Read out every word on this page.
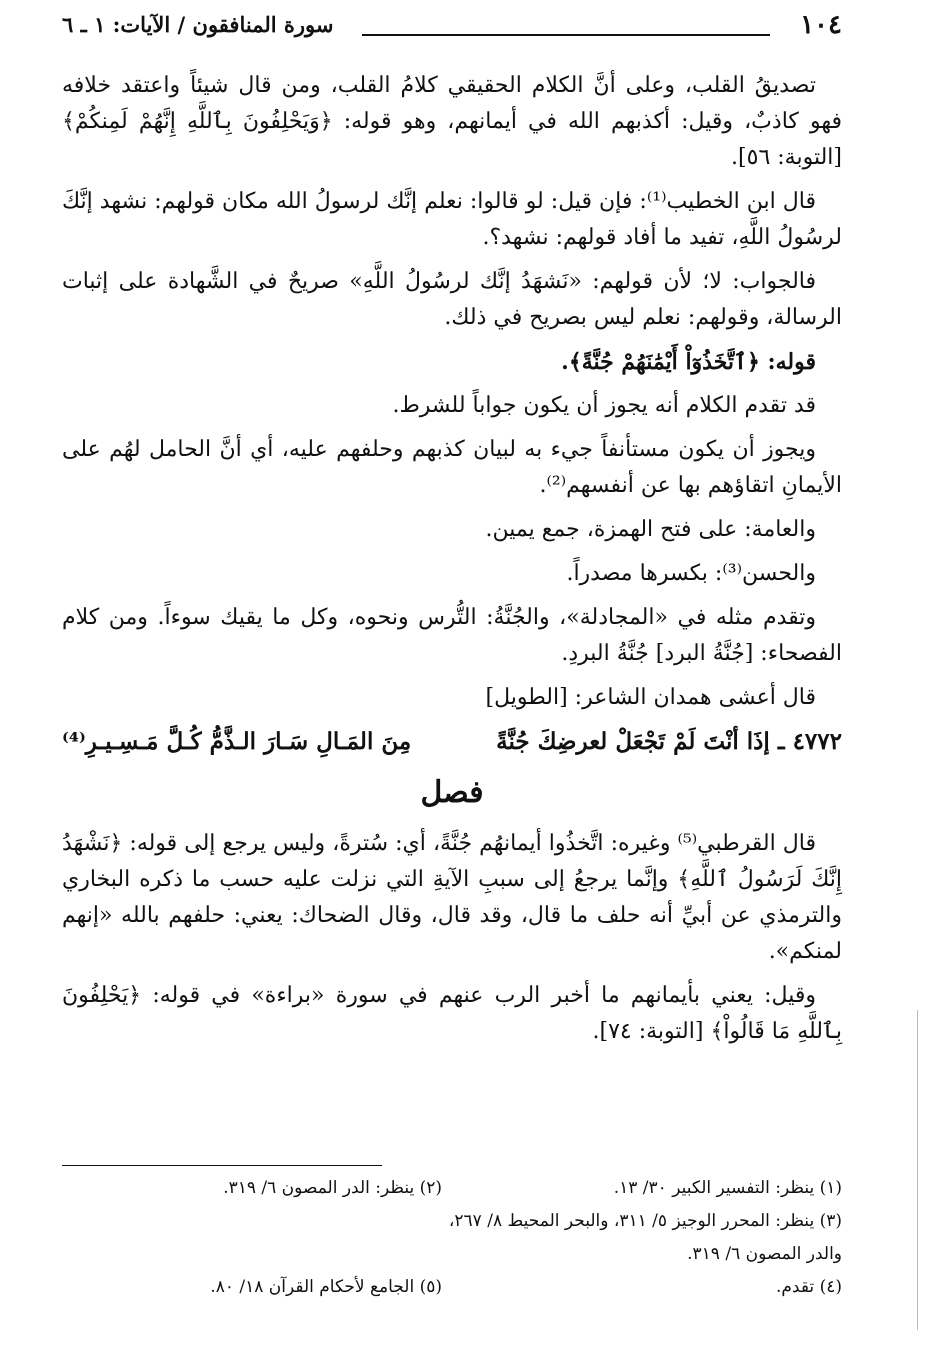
١٠٤
سورة المنافقون / الآيات: ١ ـ ٦

تصديقُ القلب، وعلى أنَّ الكلام الحقيقي كلامُ القلب، ومن قال شيئاً واعتقد خلافه فهو كاذبٌ، وقيل: أكذبهم الله في أيمانهم، وهو قوله: ﴿وَيَحْلِفُونَ بِٱللَّهِ إِنَّهُمْ لَمِنكُمْ﴾ [التوبة: ٥٦].

قال ابن الخطيب⁽¹⁾: فإن قيل: لو قالوا: نعلم إنَّك لرسولُ الله مكان قولهم: نشهد إنَّكَ لرسُولُ اللَّهِ، تفيد ما أفاد قولهم: نشهد؟.

فالجواب: لا؛ لأن قولهم: «نَشهَدُ إنَّك لرسُولُ اللَّهِ» صريحٌ في الشَّهادة على إثبات الرسالة، وقولهم: نعلم ليس بصريح في ذلك.

قوله: ﴿ٱتَّخَذُوٓاْ أَيْمَٰنَهُمْ جُنَّةً﴾.

قد تقدم الكلام أنه يجوز أن يكون جواباً للشرط.

ويجوز أن يكون مستأنفاً جيء به لبيان كذبهم وحلفهم عليه، أي أنَّ الحامل لهُم على الأيمانِ اتقاؤهم بها عن أنفسهم⁽²⁾.

والعامة: على فتح الهمزة، جمع يمين.

والحسن⁽³⁾: بكسرها مصدراً.

وتقدم مثله في «المجادلة»، والجُنَّةُ: التُّرس ونحوه، وكل ما يقيك سوءاً. ومن كلام الفصحاء: [جُنَّةُ البرد] جُنَّةُ البردِ.

قال أعشى همدان الشاعر: [الطويل]

٤٧٧٢ ـ إذَا أنْتَ لَمْ تَجْعَلْ لعرضِكَ جُنَّةً
مِنَ المَـالِ سَـارَ الـذَّمُّ كُـلَّ مَـسِـيـرِ⁽⁴⁾
فصل

قال القرطبي⁽⁵⁾ وغيره: اتَّخذُوا أيمانهُم جُنَّةً، أي: سُترةً، وليس يرجع إلى قوله: ﴿نَشْهَدُ إِنَّكَ لَرَسُولُ ٱللَّهِ﴾ وإنَّما يرجعُ إلى سببِ الآيةِ التي نزلت عليه حسب ما ذكره البخاري والترمذي عن أبيِّ أنه حلف ما قال، وقد قال، وقال الضحاك: يعني: حلفهم بالله «إنهم لمنكم».

وقيل: يعني بأيمانهم ما أخبر الرب عنهم في سورة «براءة» في قوله: ﴿يَحْلِفُونَ بِٱللَّهِ مَا قَالُواْ﴾ [التوبة: ٧٤].

(١) ينظر: التفسير الكبير ٣٠/ ١٣.
(٢) ينظر: الدر المصون ٦/ ٣١٩.
(٣) ينظر: المحرر الوجيز ٥/ ٣١١، والبحر المحيط ٨/ ٢٦٧، والدر المصون ٦/ ٣١٩.
(٤) تقدم.
(٥) الجامع لأحكام القرآن ١٨/ ٨٠.
